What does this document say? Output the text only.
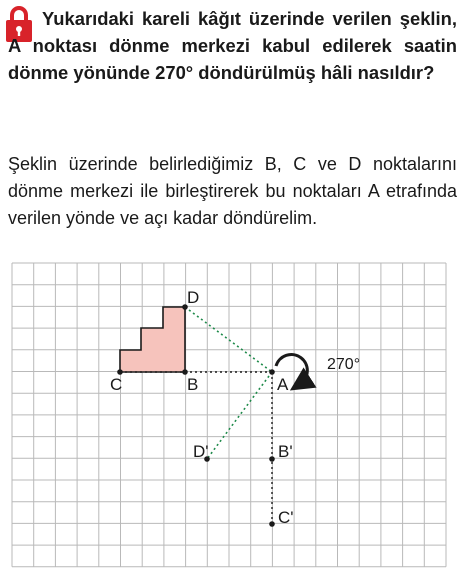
Yukarıdaki kareli kâğıt üzerinde verilen şeklin, A noktası dönme merkezi kabul edilerek saatin dönme yönünde 270° döndürülmüş hâli nasıldır?
Şeklin üzerinde belirlediğimiz B, C ve D noktalarını dönme merkezi ile birleştirerek bu noktaları A etrafında verilen yönde ve açı kadar döndürelim.
D
C	B	A
D'	B'
C'
270°
